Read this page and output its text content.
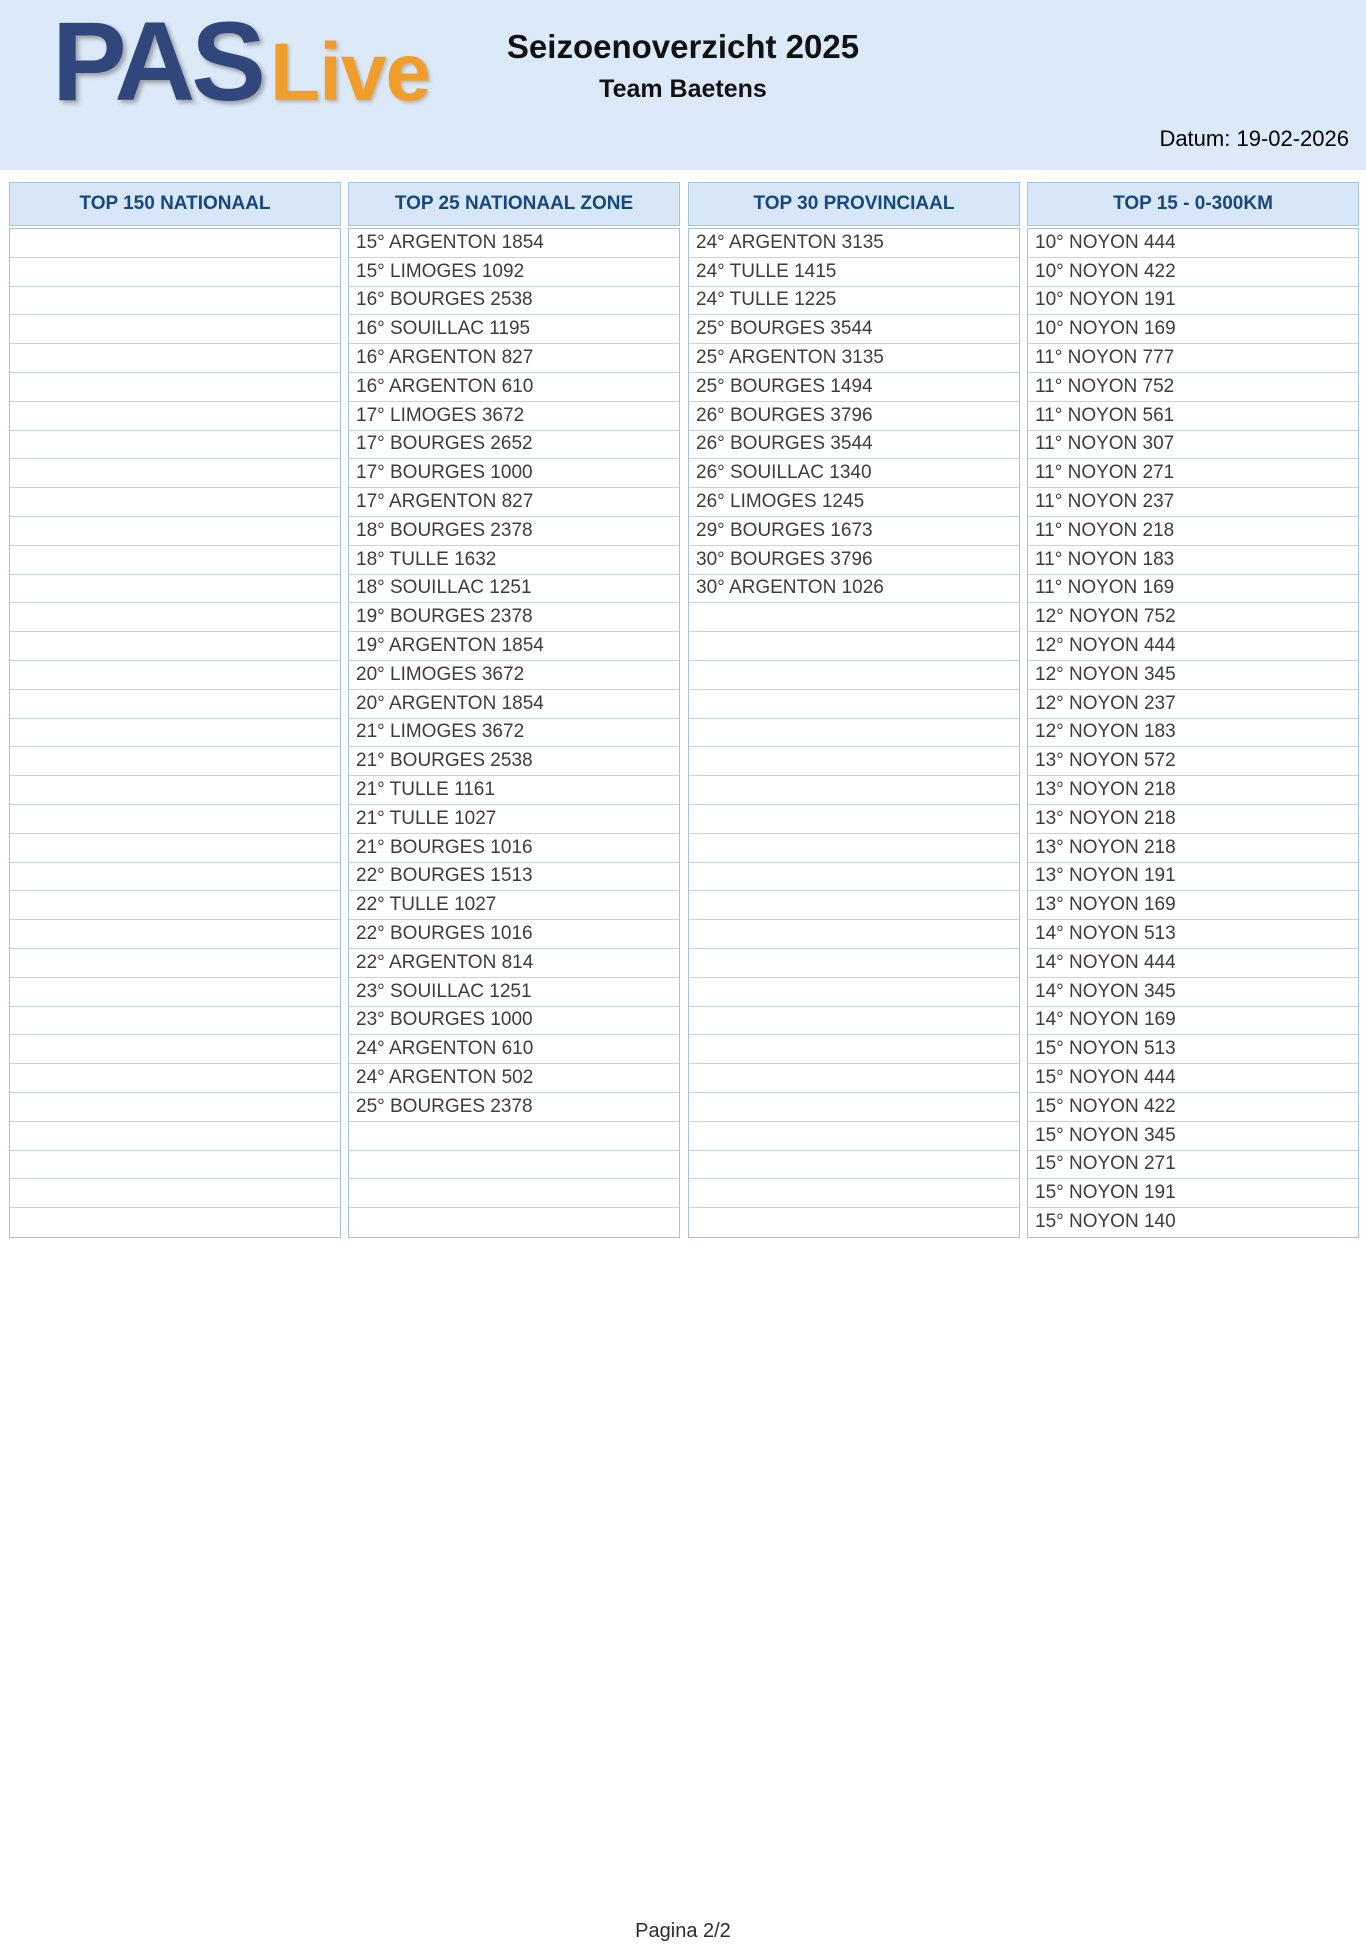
PAS Live	Seizoenoverzicht 2025
Team Baetens
Datum: 19-02-2026
TOP 150 NATIONAAL	TOP 25 NATIONAAL ZONE
15° ARGENTON 1854
15° LIMOGES 1092
16° BOURGES 2538
16° SOUILLAC 1195
16° ARGENTON 827
16° ARGENTON 610
17° LIMOGES 3672
17° BOURGES 2652
17° BOURGES 1000
17° ARGENTON 827
18° BOURGES 2378
18° TULLE 1632
18° SOUILLAC 1251
19° BOURGES 2378
19° ARGENTON 1854
20° LIMOGES 3672
20° ARGENTON 1854
21° LIMOGES 3672
21° BOURGES 2538
21° TULLE 1161
21° TULLE 1027
21° BOURGES 1016
22° BOURGES 1513
22° TULLE 1027
22° BOURGES 1016
22° ARGENTON 814
23° SOUILLAC 1251
23° BOURGES 1000
24° ARGENTON 610
24° ARGENTON 502
25° BOURGES 2378
TOP 30 PROVINCIAAL
24° ARGENTON 3135
24° TULLE 1415
24° TULLE 1225
25° BOURGES 3544
25° ARGENTON 3135
25° BOURGES 1494
26° BOURGES 3796
26° BOURGES 3544
26° SOUILLAC 1340
26° LIMOGES 1245
29° BOURGES 1673
30° BOURGES 3796
30° ARGENTON 1026
TOP 15 - 0-300KM
10° NOYON 444
10° NOYON 422
10° NOYON 191
10° NOYON 169
11° NOYON 777
11° NOYON 752
11° NOYON 561
11° NOYON 307
11° NOYON 271
11° NOYON 237
11° NOYON 218
11° NOYON 183
11° NOYON 169
12° NOYON 752
12° NOYON 444
12° NOYON 345
12° NOYON 237
12° NOYON 183
13° NOYON 572
13° NOYON 218
13° NOYON 218
13° NOYON 218
13° NOYON 191
13° NOYON 169
14° NOYON 513
14° NOYON 444
14° NOYON 345
14° NOYON 169
15° NOYON 513
15° NOYON 444
15° NOYON 422
15° NOYON 345
15° NOYON 271
15° NOYON 191
15° NOYON 140
Pagina 2/2
